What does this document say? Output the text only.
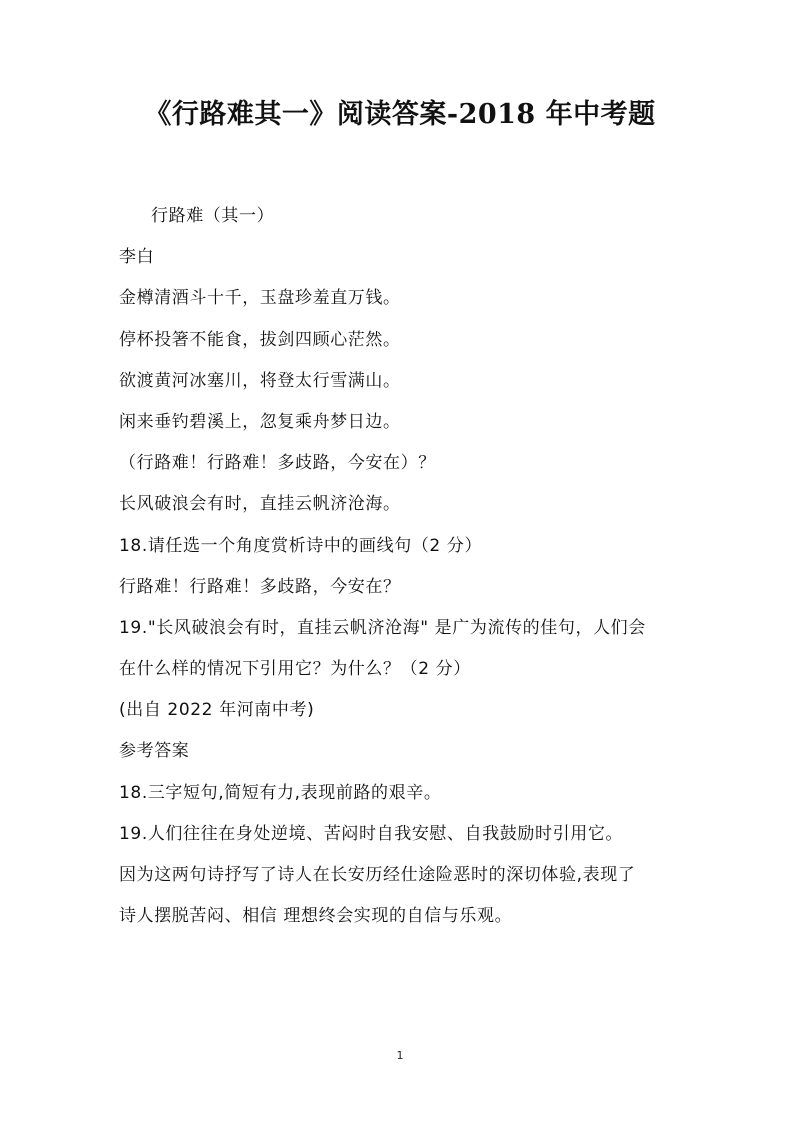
《行路难其一》阅读答案-2018 年中考题
行路难（其一）
李白
金樽清酒斗十千，玉盘珍羞直万钱。
停杯投箸不能食，拔剑四顾心茫然。
欲渡黄河冰塞川，将登太行雪满山。
闲来垂钓碧溪上，忽复乘舟梦日边。
（行路难！行路难！多歧路，今安在）？
长风破浪会有时，直挂云帆济沧海。
18.请任选一个角度赏析诗中的画线句（2 分）
行路难！行路难！多歧路，今安在？
19."长风破浪会有时，直挂云帆济沧海" 是广为流传的佳句，人们会
在什么样的情况下引用它？为什么？（2 分）
(出自 2022 年河南中考)
参考答案
18.三字短句,简短有力,表现前路的艰辛。
19.人们往往在身处逆境、苦闷时自我安慰、自我鼓励时引用它。
因为这两句诗抒写了诗人在长安历经仕途险恶时的深切体验,表现了
诗人摆脱苦闷、相信 理想终会实现的自信与乐观。
1
